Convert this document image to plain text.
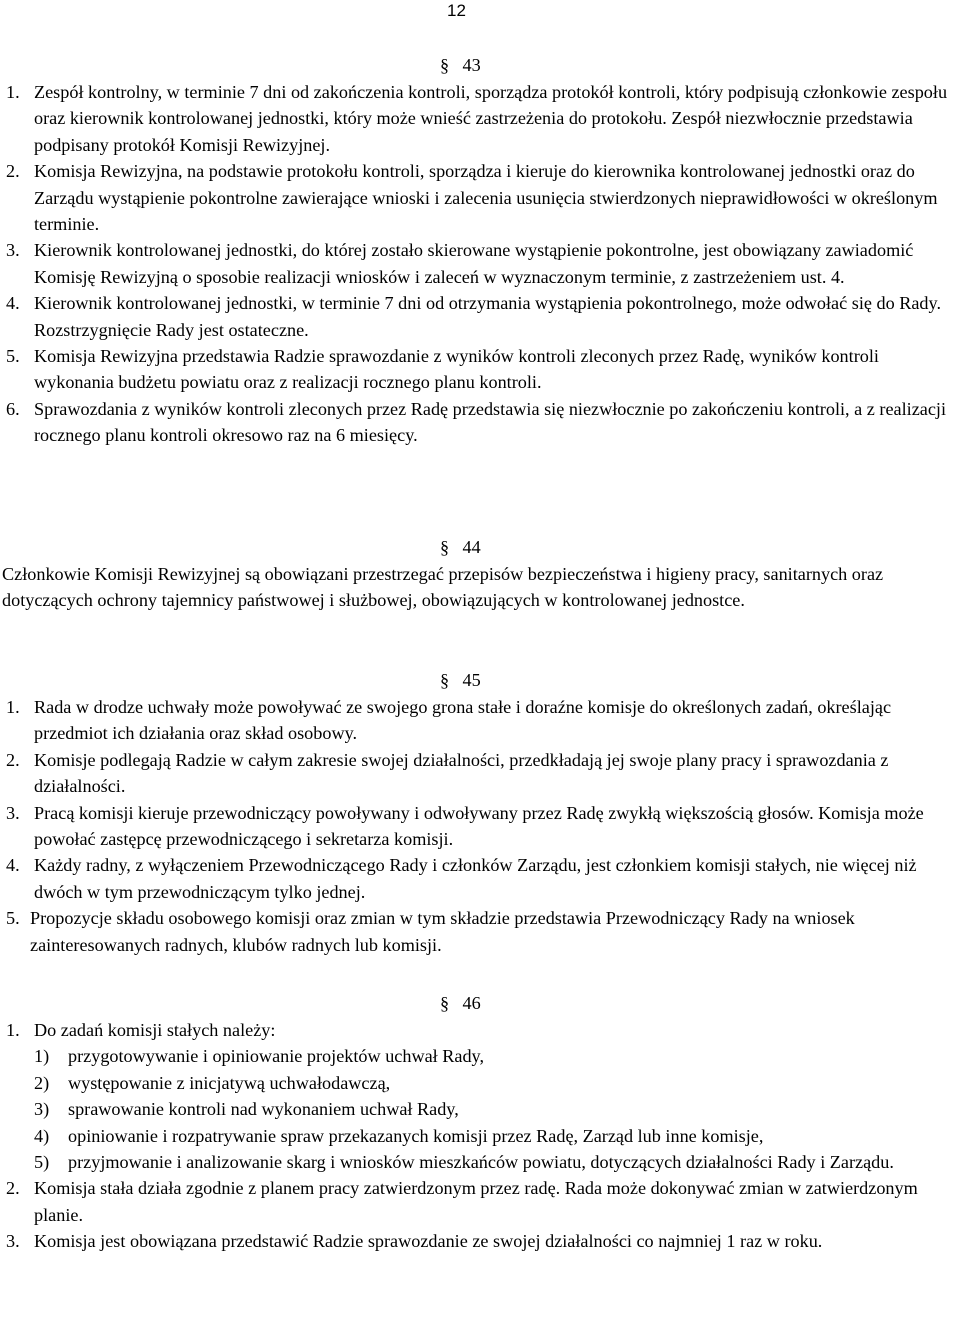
12
§ 43
1. Zespół kontrolny, w terminie 7 dni od zakończenia kontroli, sporządza protokół kontroli, który podpisują członkowie zespołu oraz kierownik kontrolowanej jednostki, który może wnieść zastrzeżenia do protokołu. Zespół niezwłocznie przedstawia podpisany protokół Komisji Rewizyjnej.
2. Komisja Rewizyjna, na podstawie protokołu kontroli, sporządza i kieruje do kierownika kontrolowanej jednostki oraz do Zarządu wystąpienie pokontrolne zawierające wnioski i zalecenia usunięcia stwierdzonych nieprawidłowości w określonym terminie.
3. Kierownik kontrolowanej jednostki, do której zostało skierowane wystąpienie pokontrolne, jest obowiązany zawiadomić Komisję Rewizyjną o sposobie realizacji wniosków i zaleceń w wyznaczonym terminie, z zastrzeżeniem ust. 4.
4. Kierownik kontrolowanej jednostki, w terminie 7 dni od otrzymania wystąpienia pokontrolnego, może odwołać się do Rady. Rozstrzygnięcie Rady jest ostateczne.
5. Komisja Rewizyjna przedstawia Radzie sprawozdanie z wyników kontroli zleconych przez Radę, wyników kontroli wykonania budżetu powiatu oraz z realizacji rocznego planu kontroli.
6. Sprawozdania z wyników kontroli zleconych przez Radę przedstawia się niezwłocznie po zakończeniu kontroli, a z realizacji rocznego planu kontroli okresowo raz na 6 miesięcy.
§ 44
Członkowie Komisji Rewizyjnej są obowiązani przestrzegać przepisów bezpieczeństwa i higieny pracy, sanitarnych oraz dotyczących ochrony tajemnicy państwowej i służbowej, obowiązujących w kontrolowanej jednostce.
§ 45
1. Rada w drodze uchwały może powoływać ze swojego grona stałe i doraźne komisje do określonych zadań, określając przedmiot ich działania oraz skład osobowy.
2. Komisje podlegają Radzie w całym zakresie swojej działalności, przedkładają jej swoje plany pracy i sprawozdania z działalności.
3. Pracą komisji kieruje przewodniczący powoływany i odwoływany przez Radę zwykłą większością głosów. Komisja może powołać zastępcę przewodniczącego i sekretarza komisji.
4. Każdy radny, z wyłączeniem Przewodniczącego Rady i członków Zarządu, jest członkiem komisji stałych, nie więcej niż dwóch w tym przewodniczącym tylko jednej.
5. Propozycje składu osobowego komisji oraz zmian w tym składzie przedstawia Przewodniczący Rady na wniosek zainteresowanych radnych, klubów radnych lub komisji.
§ 46
1. Do zadań komisji stałych należy:
1) przygotowywanie i opiniowanie projektów uchwał Rady,
2) występowanie z inicjatywą uchwałodawczą,
3) sprawowanie kontroli nad wykonaniem uchwał Rady,
4) opiniowanie i rozpatrywanie spraw przekazanych komisji przez Radę, Zarząd lub inne komisje,
5) przyjmowanie i analizowanie skarg i wniosków mieszkańców powiatu, dotyczących działalności Rady i Zarządu.
2. Komisja stała działa zgodnie z planem pracy zatwierdzonym przez radę. Rada może dokonywać zmian w zatwierdzonym planie.
3. Komisja jest obowiązana przedstawić Radzie sprawozdanie ze swojej działalności co najmniej 1 raz w roku.
